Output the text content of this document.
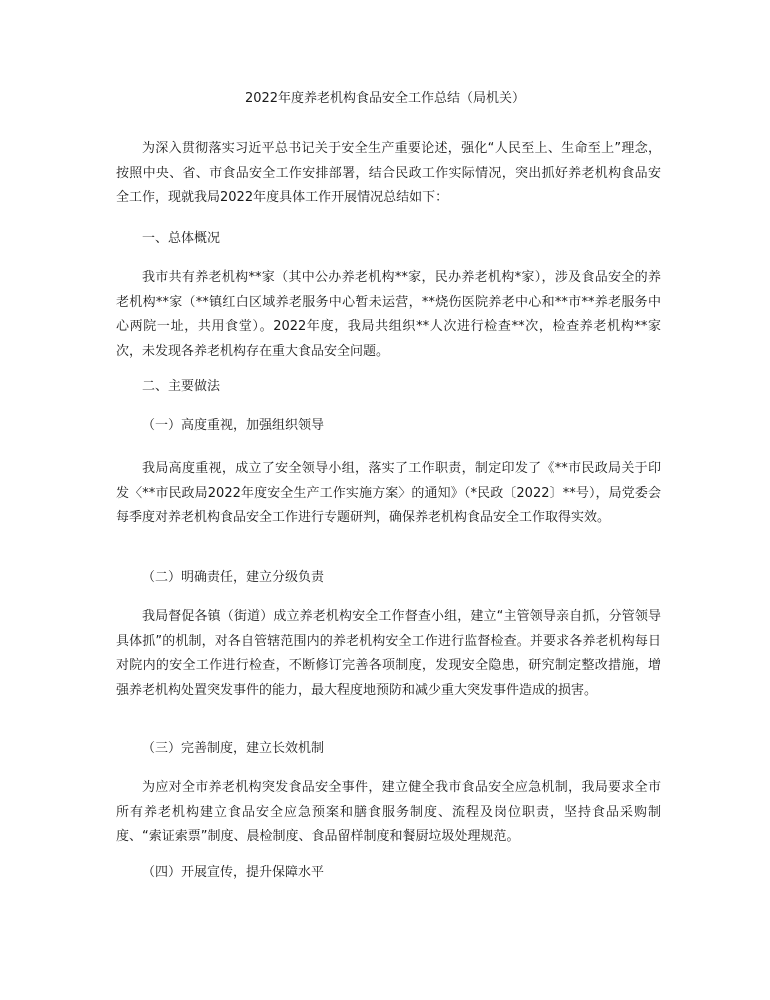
2022年度养老机构食品安全工作总结（局机关）

为深入贯彻落实习近平总书记关于安全生产重要论述，强化“人民至上、生命至上”理念，按照中央、省、市食品安全工作安排部署，结合民政工作实际情况，突出抓好养老机构食品安全工作，现就我局2022年度具体工作开展情况总结如下：

一、总体概况

我市共有养老机构**家（其中公办养老机构**家，民办养老机构*家），涉及食品安全的养老机构**家（**镇红白区域养老服务中心暂未运营，**烧伤医院养老中心和**市**养老服务中心两院一址，共用食堂）。2022年度，我局共组织**人次进行检查**次，检查养老机构**家次，未发现各养老机构存在重大食品安全问题。

二、主要做法
（一）高度重视，加强组织领导

我局高度重视，成立了安全领导小组，落实了工作职责，制定印发了《**市民政局关于印发〈**市民政局2022年度安全生产工作实施方案〉的通知》（*民政〔2022〕**号），局党委会每季度对养老机构食品安全工作进行专题研判，确保养老机构食品安全工作取得实效。

（二）明确责任，建立分级负责

我局督促各镇（街道）成立养老机构安全工作督查小组，建立“主管领导亲自抓，分管领导具体抓”的机制，对各自管辖范围内的养老机构安全工作进行监督检查。并要求各养老机构每日对院内的安全工作进行检查，不断修订完善各项制度，发现安全隐患，研究制定整改措施，增强养老机构处置突发事件的能力，最大程度地预防和减少重大突发事件造成的损害。

（三）完善制度，建立长效机制

为应对全市养老机构突发食品安全事件，建立健全我市食品安全应急机制，我局要求全市所有养老机构建立食品安全应急预案和膳食服务制度、流程及岗位职责，坚持食品采购制度、“索证索票”制度、晨检制度、食品留样制度和餐厨垃圾处理规范。

（四）开展宣传，提升保障水平
